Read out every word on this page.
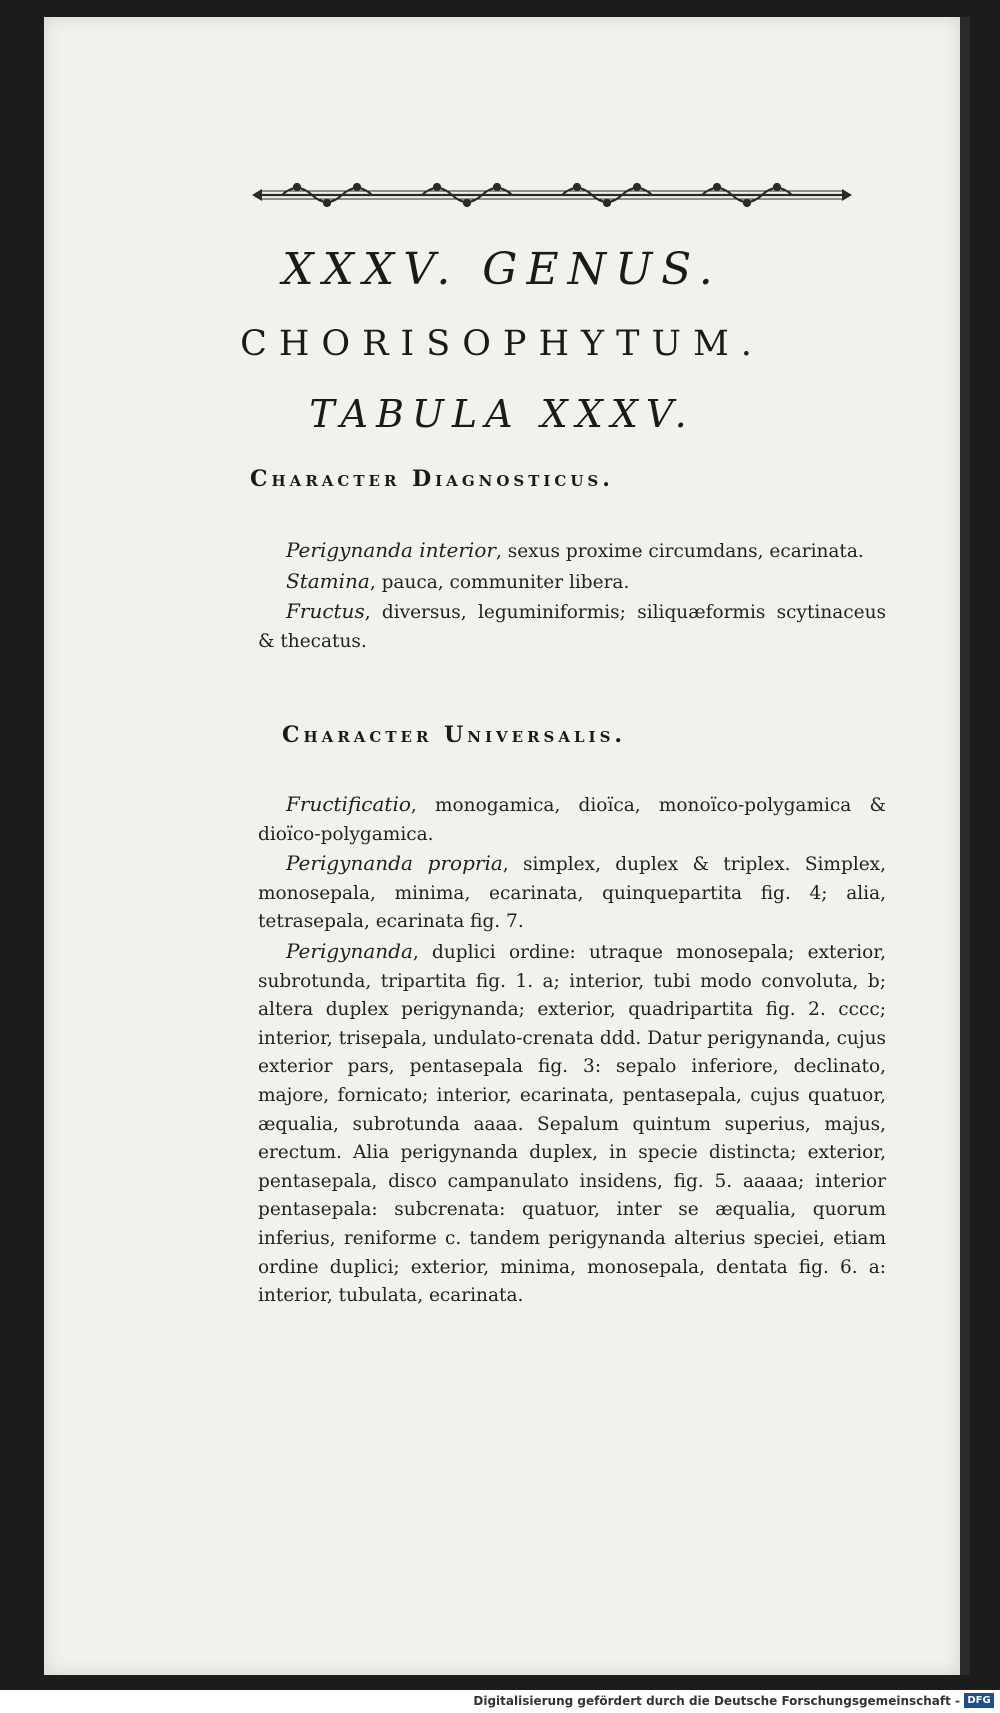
XXXV. GENUS.
CHORISOPHYTUM.
TABULA XXXV.
Character Diagnosticus.

Perigynanda interior, sexus proxime circumdans, ecarinata.

Stamina, pauca, communiter libera.

Fructus, diversus, leguminiformis; siliquæformis scytinaceus & thecatus.

Character Universalis.

Fructificatio, monogamica, dioïca, monoïco-polygamica & dioïco-polygamica.

Perigynanda propria, simplex, duplex & triplex. Simplex, monosepala, minima, ecarinata, quinquepartita fig. 4; alia, tetrasepala, ecarinata fig. 7.

Perigynanda, duplici ordine: utraque monosepala; exterior, subrotunda, tripartita fig. 1. a; interior, tubi modo convoluta, b; altera duplex perigynanda; exterior, quadripartita fig. 2. cccc; interior, trisepala, undulato-crenata ddd. Datur perigynanda, cujus exterior pars, pentasepala fig. 3: sepalo inferiore, declinato, majore, fornicato; interior, ecarinata, pentasepala, cujus quatuor, æqualia, subrotunda aaaa. Sepalum quintum superius, majus, erectum. Alia perigynanda duplex, in specie distincta; exterior, pentasepala, disco campanulato insidens, fig. 5. aaaaa; interior pentasepala: subcrenata: quatuor, inter se æqualia, quorum inferius, reniforme c. tandem perigynanda alterius speciei, etiam ordine duplici; exterior, minima, monosepala, dentata fig. 6. a: interior, tubulata, ecarinata.

Digitalisierung gefördert durch die Deutsche Forschungsgemeinschaft - DFG
